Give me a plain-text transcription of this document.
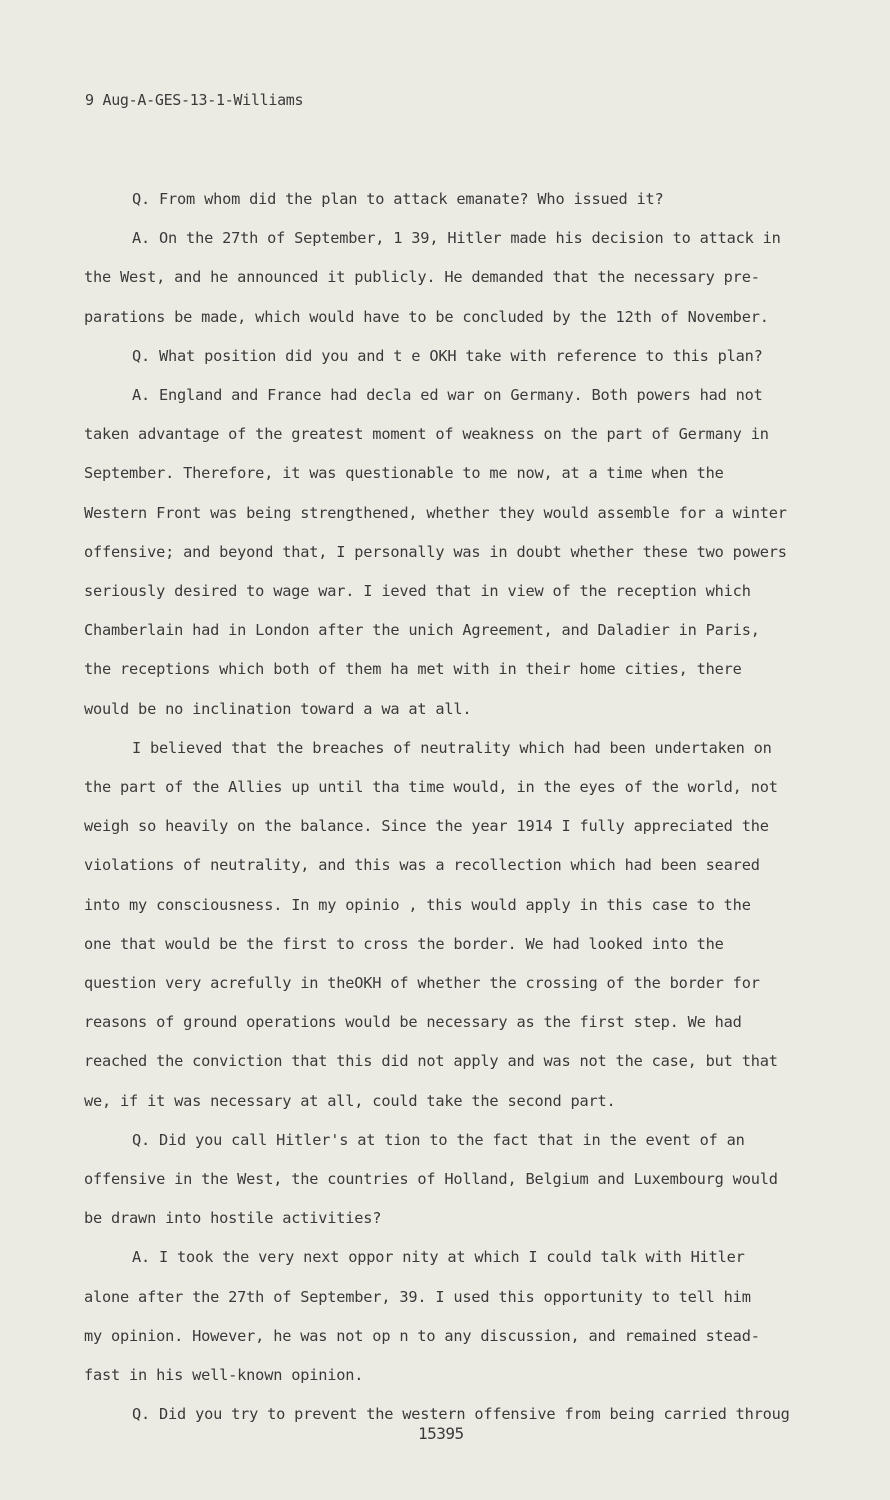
9 Aug-A-GES-13-1-Williams

Q. From whom did the plan to attack emanate? Who issued it?

A. On the 27th of September, 1 39, Hitler made his decision to attack in

the West, and he announced it publicly. He demanded that the necessary pre-

parations be made, which would have to be concluded by the 12th of November.

Q. What position did you and t e OKH take with reference to this plan?

A. England and France had decla ed war on Germany. Both powers had not

taken advantage of the greatest moment of weakness on the part of Germany in

September. Therefore, it was questionable to me now, at a time when the

Western Front was being strengthened, whether they would assemble for a winter

offensive; and beyond that, I personally was in doubt whether these two powers

seriously desired to wage war. I ieved that in view of the reception which

Chamberlain had in London after the unich Agreement, and Daladier in Paris,

the receptions which both of them ha met with in their home cities, there

would be no inclination toward a wa at all.

I believed that the breaches of neutrality which had been undertaken on

the part of the Allies up until tha time would, in the eyes of the world, not

weigh so heavily on the balance. Since the year 1914 I fully appreciated the

violations of neutrality, and this was a recollection which had been seared

into my consciousness. In my opinio , this would apply in this case to the

one that would be the first to cross the border. We had looked into the

question very acrefully in theOKH of whether the crossing of the border for

reasons of ground operations would be necessary as the first step. We had

reached the conviction that this did not apply and was not the case, but that

we, if it was necessary at all, could take the second part.

Q. Did you call Hitler's at tion to the fact that in the event of an

offensive in the West, the countries of Holland, Belgium and Luxembourg would

be drawn into hostile activities?

A. I took the very next oppor nity at which I could talk with Hitler

alone after the 27th of September, 39. I used this opportunity to tell him

my opinion. However, he was not op n to any discussion, and remained stead-

fast in his well-known opinion.

Q. Did you try to prevent the western offensive from being carried throug

15395
